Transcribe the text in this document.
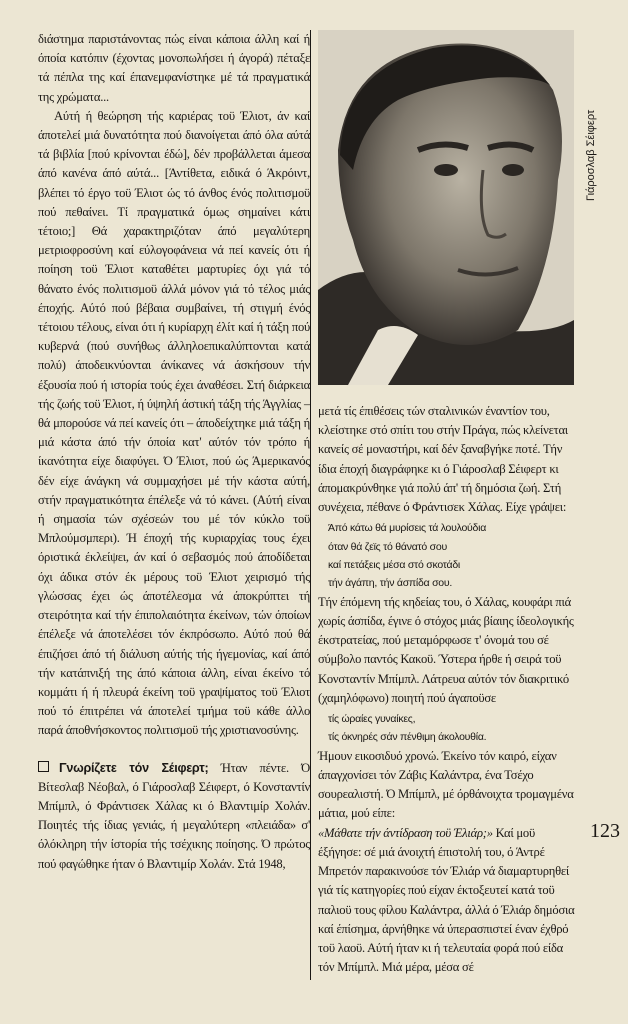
διάστημα παριστάνοντας πώς είναι κάποια άλλη καί ή όποία κατόπιν (έχοντας μονοπωλήσει ή άγορά) πέταξε τά πέπλα της καί έπανεμφανίστηκε μέ τά πραγματικά της χρώματα...

Αύτή ή θεώρηση τής καριέρας τοϋ Έλιοτ, άν καί άποτελεί μιά δυνατότητα πού διανοίγεται άπό όλα αύτά τά βιβλία [πού κρίνονται έδώ], δέν προβάλλεται άμεσα άπό κανένα άπό αύτά... [Άντίθετα, ειδικά ό Άκρόιντ, βλέπει τό έργο τοϋ Έλιοτ ώς τό άνθος ένός πολιτισμοϋ πού πεθαίνει. Τί πραγματικά όμως σημαίνει κάτι τέτοιο;] Θά χαρακτηριζόταν άπό μεγαλύτερη μετριοφροσύνη καί εύλογοφάνεια νά πεί κανείς ότι ή ποίηση τοϋ Έλιοτ καταθέτει μαρτυρίες όχι γιά τό θάνατο ένός πολιτισμοϋ άλλά μόνον γιά τό τέλος μιάς έποχής. Αύτό πού βέβαια συμβαίνει, τή στιγμή ένός τέτοιου τέλους, είναι ότι ή κυρίαρχη έλίτ καί ή τάξη πού κυβερνά (πού συνήθως άλληλοεπικαλύπτονται κατά πολύ) άποδεικνύονται άνίκανες νά άσκήσουν τήν έξουσία πού ή ιστορία τούς έχει άναθέσει. Στή διάρκεια τής ζωής τοϋ Έλιοτ, ή ύψηλή άστική τάξη τής Άγγλίας – θά μπορούσε νά πεί κανείς ότι – άποδείχτηκε μιά τάξη ή μιά κάστα άπό τήν όποία κατ' αύτόν τόν τρόπο ή ίκανότητα είχε διαφύγει. Ό Έλιοτ, πού ώς Άμερικανός δέν είχε άνάγκη νά συμμαχήσει μέ τήν κάστα αύτή, στήν πραγματικότητα έπέλεξε νά τό κάνει. (Αύτή είναι ή σημασία τών σχέσεών του μέ τόν κύκλο τοϋ Μπλούμσμπερι). Ή έποχή τής κυριαρχίας τους έχει όριστικά έκλείψει, άν καί ό σεβασμός πού άποδίδεται όχι άδικα στόν έκ μέρους τοϋ Έλιοτ χειρισμό τής γλώσσας έχει ώς άποτέλεσμα νά άποκρύπτει τή στειρότητα καί τήν έπιπολαιότητα έκείνων, τών όποίων έπέλεξε νά άποτελέσει τόν έκπρόσωπο. Αύτό πού θά έπιζήσει άπό τή διάλυση αύτής τής ήγεμονίας, καί άπό τήν κατάπνιξή της άπό κάποια άλλη, είναι έκείνο τό κομμάτι ή ή πλευρά έκείνη τοϋ γραψίματος τοϋ Έλιοτ πού τό έπιτρέπει νά άποτελεί τμήμα τοϋ κάθε άλλο παρά άποθνήσκοντος πολιτισμοϋ τής χριστιανοσύνης.

Γνωρίζετε τόν Σέιφερτ; Ήταν πέντε. Ό Βίτεσλαβ Νέοβαλ, ό Γιάροσλαβ Σέιφερτ, ό Κονσταντίν Μπίμπλ, ό Φράντισεκ Χάλας κι ό Βλαντιμίρ Χολάν. Ποιητές τής ίδιας γενιάς, ή μεγαλύτερη «πλειάδα» σ' όλόκληρη τήν ίστορία τής τσέχικης ποίησης. Ό πρώτος πού φαγώθηκε ήταν ό Βλαντιμίρ Χολάν. Στά 1948,

Γιάροσλαβ Σέιφερτ

μετά τίς έπιθέσεις τών σταλινικών έναντίον του, κλείστηκε στό σπίτι του στήν Πράγα, πώς κλείνεται κανείς σέ μοναστήρι, καί δέν ξαναβγήκε ποτέ. Τήν ίδια έποχή διαγράφηκε κι ό Γιάροσλαβ Σέιφερτ κι άπομακρύνθηκε γιά πολύ άπ' τή δημόσια ζωή. Στή συνέχεια, πέθανε ό Φράντισεκ Χάλας. Είχε γράψει:

Άπό κάτω θά μυρίσεις τά λουλούδια
όταν θά ζεϊς τό θάνατό σου
καί πετάξεις μέσα στό σκοτάδι
τήν άγάπη, τήν άσπίδα σου.

Τήν έπόμενη τής κηδείας του, ό Χάλας, κουφάρι πιά χωρίς άσπίδα, έγινε ό στόχος μιάς βίαιης ίδεολογικής έκστρατείας, πού μεταμόρφωσε τ' όνομά του σέ σύμβολο παντός Κακοϋ. Ύστερα ήρθε ή σειρά τοϋ Κονσταντίν Μπίμπλ. Λάτρευα αύτόν τόν διακριτικό (χαμηλόφωνο) ποιητή πού άγαποϋσε

τίς ώραίες γυναίκες,
τίς όκνηρές σάν πένθιμη άκολουθία.

Ήμουν εικοσιδυό χρονώ. Έκείνο τόν καιρό, είχαν άπαγχονίσει τόν Ζάβις Καλάντρα, ένα Τσέχο σουρεαλιστή. Ό Μπίμπλ, μέ όρθάνοιχτα τρομαγμένα μάτια, μού είπε:

«Μάθατε τήν άντίδραση τοϋ Έλιάρ;» Καί μοϋ έξήγησε: σέ μιά άνοιχτή έπιστολή του, ό Άντρέ Μπρετόν παρακινούσε τόν Έλιάρ νά διαμαρτυρηθεί γιά τίς κατηγορίες πού είχαν έκτοξευτεί κατά τοϋ παλιοϋ τους φίλου Καλάντρα, άλλά ό Έλιάρ δημόσια καί έπίσημα, άρνήθηκε νά ύπερασπιστεί έναν έχθρό τοϋ λαοϋ. Αύτή ήταν κι ή τελευταία φορά πού είδα τόν Μπίμπλ. Μιά μέρα, μέσα σέ

123
